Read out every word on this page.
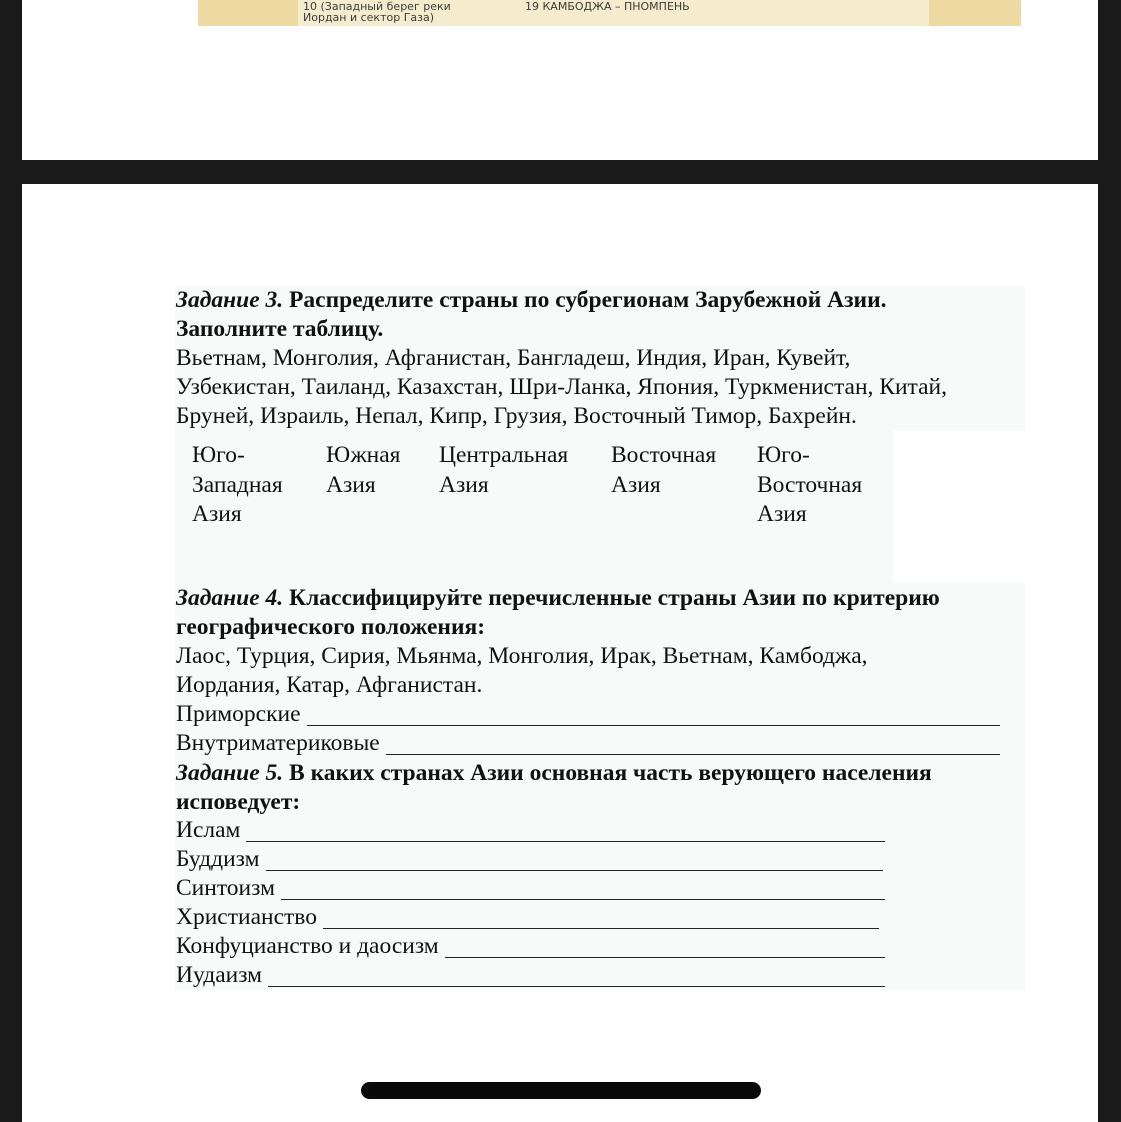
10 (Западный берег реки
Иордан и сектор Газа)
19 КАМБОДЖА – ПНОМПЕНЬ
Задание 3. Распределите страны по субрегионам Зарубежной Азии.
Заполните таблицу.
Вьетнам, Монголия, Афганистан, Бангладеш, Индия, Иран, Кувейт,
Узбекистан, Таиланд, Казахстан, Шри-Ланка, Япония, Туркменистан, Китай,
Бруней, Израиль, Непал, Кипр, Грузия, Восточный Тимор, Бахрейн.
Юго-
Западная
Азия
Южная
Азия
Центральная
Азия
Восточная
Азия
Юго-
Восточная
Азия
Задание 4. Классифицируйте перечисленные страны Азии по критерию
географического положения:
Лаос, Турция, Сирия, Мьянма, Монголия, Ирак, Вьетнам, Камбоджа,
Иордания, Катар, Афганистан.
Приморские
Внутриматериковые
Задание 5. В каких странах Азии основная часть верующего населения
исповедует:
Ислам
Буддизм
Синтоизм
Христианство
Конфуцианство и даосизм
Иудаизм
